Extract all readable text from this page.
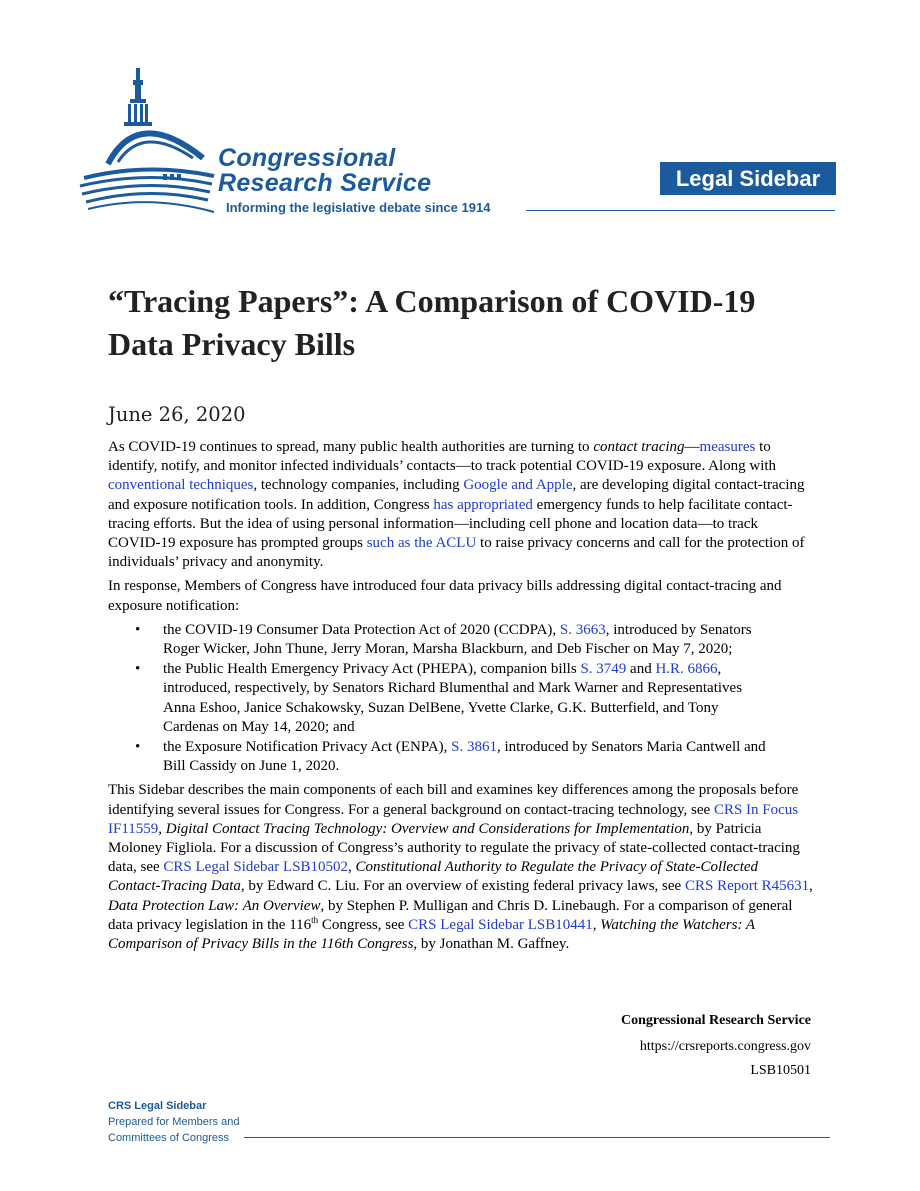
Congressional
Research Service
Informing the legislative debate since 1914
Legal Sidebar
“Tracing Papers”: A Comparison of COVID-19 Data Privacy Bills
June 26, 2020

As COVID-19 continues to spread, many public health authorities are turning to contact tracing—measures to identify, notify, and monitor infected individuals’ contacts—to track potential COVID-19 exposure. Along with conventional techniques, technology companies, including Google and Apple, are developing digital contact-tracing and exposure notification tools. In addition, Congress has appropriated emergency funds to help facilitate contact-tracing efforts. But the idea of using personal information—including cell phone and location data—to track COVID-19 exposure has prompted groups such as the ACLU to raise privacy concerns and call for the protection of individuals’ privacy and anonymity.

In response, Members of Congress have introduced four data privacy bills addressing digital contact-tracing and exposure notification:

• the COVID-19 Consumer Data Protection Act of 2020 (CCDPA), S. 3663, introduced by Senators Roger Wicker, John Thune, Jerry Moran, Marsha Blackburn, and Deb Fischer on May 7, 2020;
• the Public Health Emergency Privacy Act (PHEPA), companion bills S. 3749 and H.R. 6866, introduced, respectively, by Senators Richard Blumenthal and Mark Warner and Representatives Anna Eshoo, Janice Schakowsky, Suzan DelBene, Yvette Clarke, G.K. Butterfield, and Tony Cardenas on May 14, 2020; and
• the Exposure Notification Privacy Act (ENPA), S. 3861, introduced by Senators Maria Cantwell and Bill Cassidy on June 1, 2020.

This Sidebar describes the main components of each bill and examines key differences among the proposals before identifying several issues for Congress. For a general background on contact-tracing technology, see CRS In Focus IF11559, Digital Contact Tracing Technology: Overview and Considerations for Implementation, by Patricia Moloney Figliola. For a discussion of Congress’s authority to regulate the privacy of state-collected contact-tracing data, see CRS Legal Sidebar LSB10502, Constitutional Authority to Regulate the Privacy of State-Collected Contact-Tracing Data, by Edward C. Liu. For an overview of existing federal privacy laws, see CRS Report R45631, Data Protection Law: An Overview, by Stephen P. Mulligan and Chris D. Linebaugh. For a comparison of general data privacy legislation in the 116th Congress, see CRS Legal Sidebar LSB10441, Watching the Watchers: A Comparison of Privacy Bills in the 116th Congress, by Jonathan M. Gaffney.

Congressional Research Service
https://crsreports.congress.gov
LSB10501
CRS Legal Sidebar
Prepared for Members and
Committees of Congress
